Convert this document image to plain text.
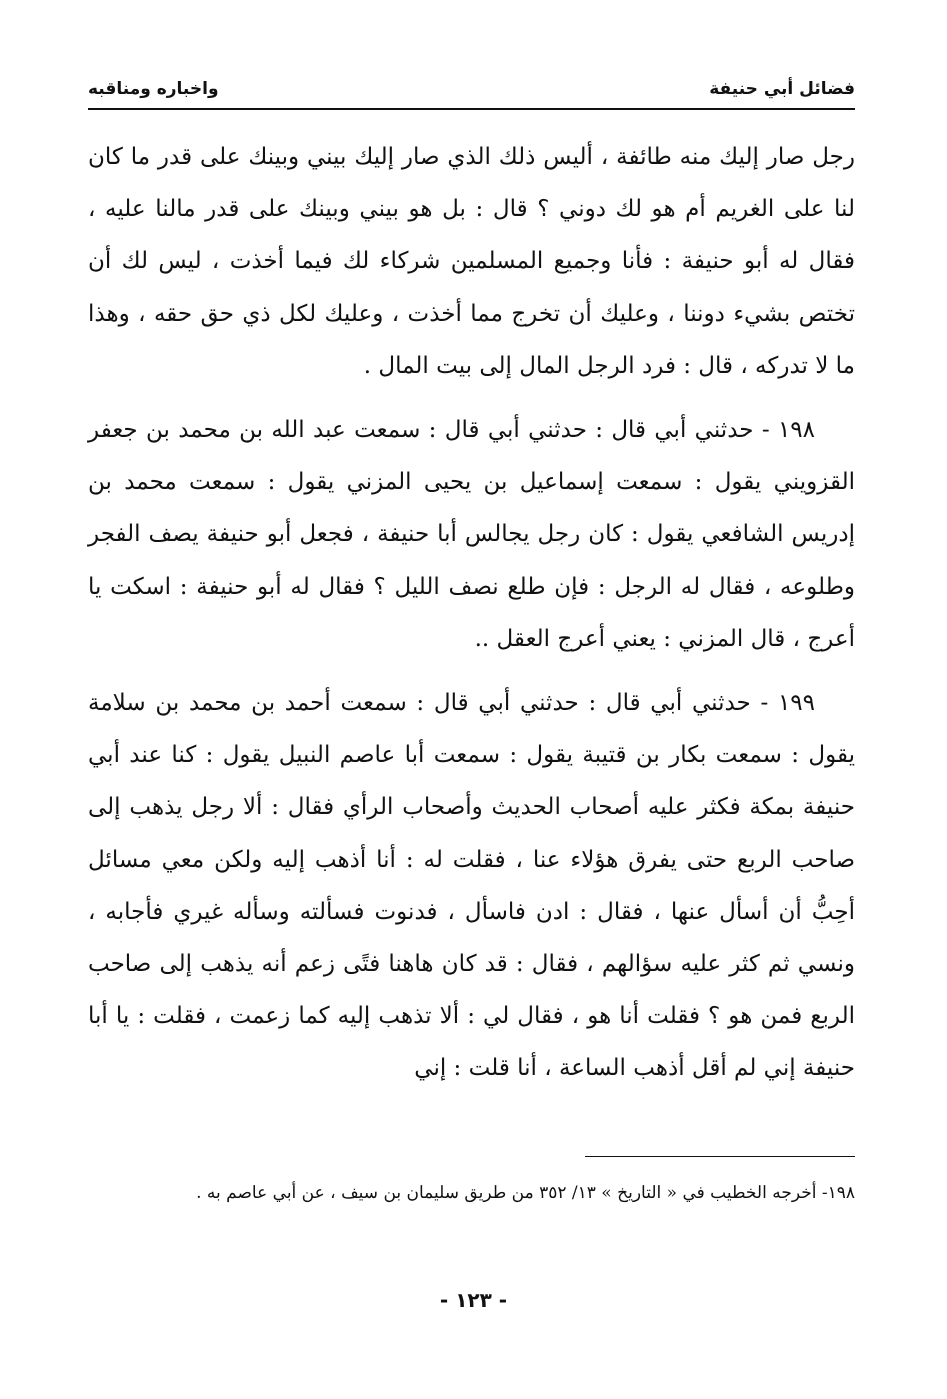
فضائل أبي حنيفة
واخباره ومناقبه

رجل صار إليك منه طائفة ، أليس ذلك الذي صار إليك بيني وبينك على قدر ما كان لنا على الغريم أم هو لك دوني ؟ قال : بل هو بيني وبينك على قدر مالنا عليه ، فقال له أبو حنيفة : فأنا وجميع المسلمين شركاء لك فيما أخذت ، ليس لك أن تختص بشيء دوننا ، وعليك أن تخرج مما أخذت ، وعليك لكل ذي حق حقه ، وهذا ما لا تدركه ، قال : فرد الرجل المال إلى بيت المال .

١٩٨ - حدثني أبي قال : حدثني أبي قال : سمعت عبد الله بن محمد بن جعفر القزويني يقول : سمعت إسماعيل بن يحيى المزني يقول : سمعت محمد بن إدريس الشافعي يقول : كان رجل يجالس أبا حنيفة ، فجعل أبو حنيفة يصف الفجر وطلوعه ، فقال له الرجل : فإن طلع نصف الليل ؟ فقال له أبو حنيفة : اسكت يا أعرج ، قال المزني : يعني أعرج العقل ..

١٩٩ - حدثني أبي قال : حدثني أبي قال : سمعت أحمد بن محمد بن سلامة يقول : سمعت بكار بن قتيبة يقول : سمعت أبا عاصم النبيل يقول : كنا عند أبي حنيفة بمكة فكثر عليه أصحاب الحديث وأصحاب الرأي فقال : ألا رجل يذهب إلى صاحب الربع حتى يفرق هؤلاء عنا ، فقلت له : أنا أذهب إليه ولكن معي مسائل أحِبُّ أن أسأل عنها ، فقال : ادن فاسأل ، فدنوت فسألته وسأله غيري فأجابه ، ونسي ثم كثر عليه سؤالهم ، فقال : قد كان هاهنا فتًى زعم أنه يذهب إلى صاحب الربع فمن هو ؟ فقلت أنا هو ، فقال لي : ألا تذهب إليه كما زعمت ، فقلت : يا أبا حنيفة إني لم أقل أذهب الساعة ، أنا قلت : إني

١٩٨- أخرجه الخطيب في « التاريخ » ١٣/ ٣٥٢ من طريق سليمان بن سيف ، عن أبي عاصم به .

- ١٢٣ -
